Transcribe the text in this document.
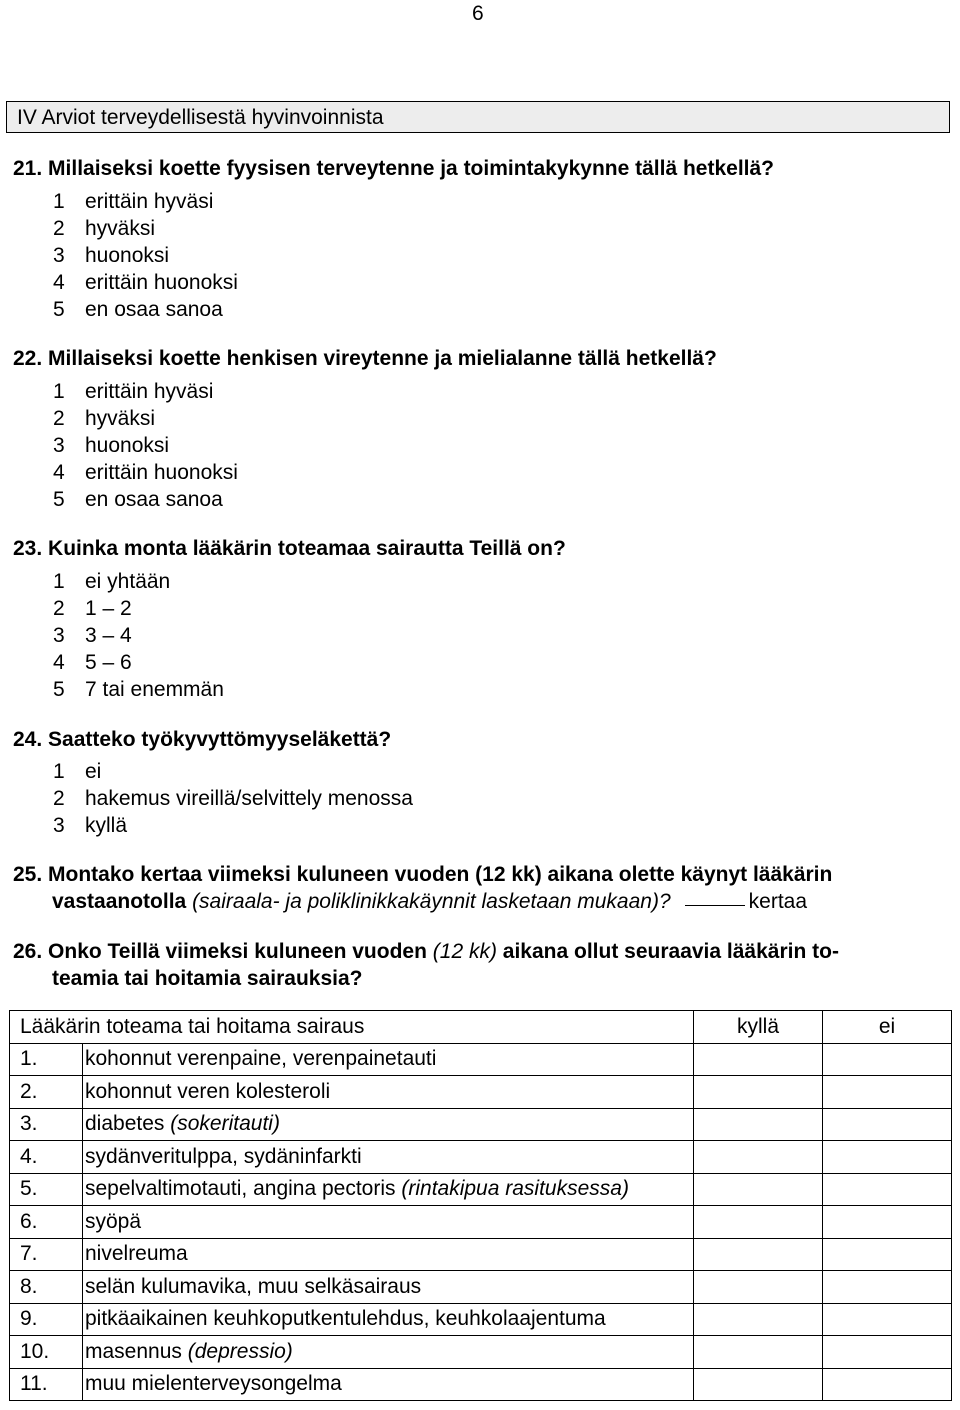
6
IV Arviot terveydellisestä hyvinvoinnista
21. Millaiseksi koette fyysisen terveytenne ja toimintakykynne tällä hetkellä?
1 erittäin hyväsi
2 hyväksi
3 huonoksi
4 erittäin huonoksi
5 en osaa sanoa
22. Millaiseksi koette henkisen vireytenne ja mielialanne tällä hetkellä?
1 erittäin hyväsi
2 hyväksi
3 huonoksi
4 erittäin huonoksi
5 en osaa sanoa
23. Kuinka monta lääkärin toteamaa sairautta Teillä on?
1 ei yhtään
2 1 – 2
3 3 – 4
4 5 – 6
5 7 tai enemmän
24. Saatteko työkyvyttömyyseläkettä?
1 ei
2 hakemus vireillä/selvittely menossa
3 kyllä
25. Montako kertaa viimeksi kuluneen vuoden (12 kk) aikana olette käynyt lääkärin
vastaanotolla (sairaala- ja poliklinikkakäynnit lasketaan mukaan)?	kertaa
26. Onko Teillä viimeksi kuluneen vuoden (12 kk) aikana ollut seuraavia lääkärin to-
teamia tai hoitamia sairauksia?
Lääkärin toteama tai hoitama sairaus		kyllä	ei
1.	kohonnut verenpaine, verenpainetauti		
2.	kohonnut veren kolesteroli		
3.	diabetes (sokeritauti)		
4.	sydänveritulppa, sydäninfarkti		
5.	sepelvaltimotauti, angina pectoris (rintakipua rasituksessa)		
6.	syöpä		
7.	nivelreuma		
8.	selän kulumavika, muu selkäsairaus		
9.	pitkäaikainen keuhkoputkentulehdus, keuhkolaajentuma		
10.	masennus (depressio)		
11.	muu mielenterveysongelma		
